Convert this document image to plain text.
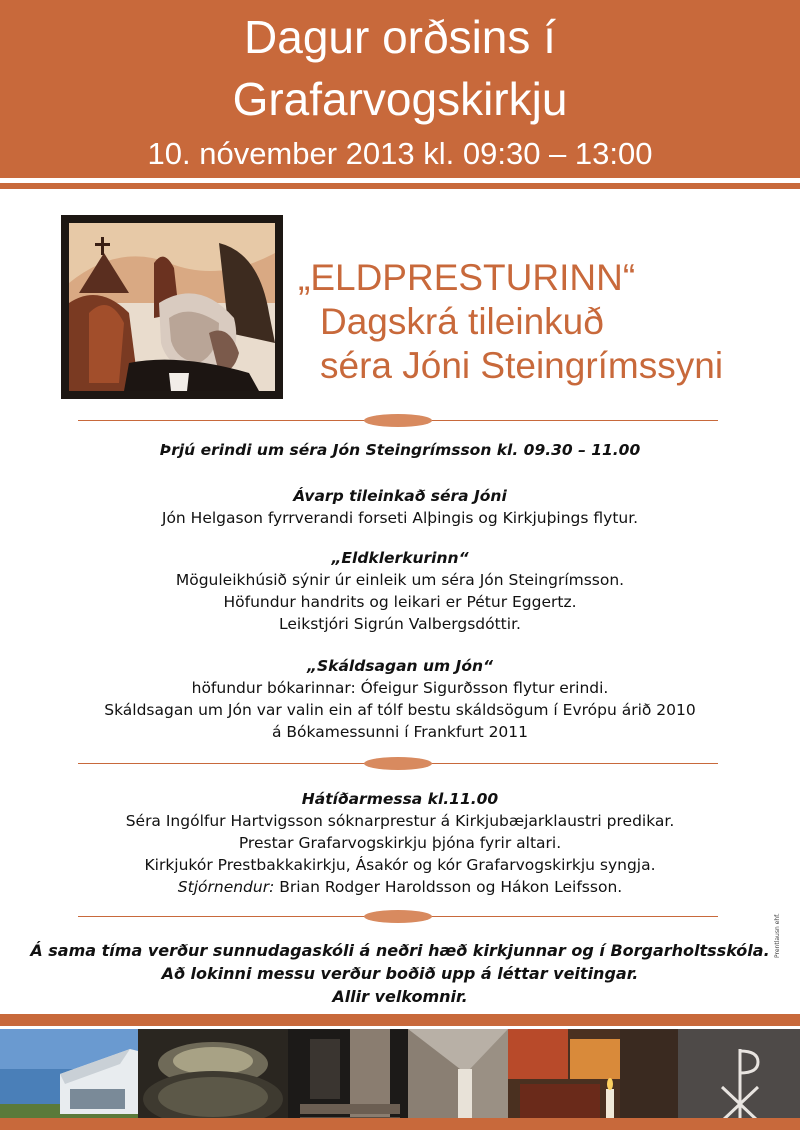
Dagur orðsins í
Grafarvogskirkju
10. nóvember 2013 kl. 09:30 – 13:00
„ELDPRESTURINN“
Dagskrá tileinkuð
séra Jóni Steingrímssyni
Þrjú erindi um séra Jón Steingrímsson kl. 09.30 – 11.00
Ávarp tileinkað séra Jóni
Jón Helgason fyrrverandi forseti Alþingis og Kirkjuþings flytur.
„Eldklerkurinn“
Möguleikhúsið sýnir úr einleik um séra Jón Steingrímsson.
Höfundur handrits og leikari er Pétur Eggertz.
Leikstjóri Sigrún Valbergsdóttir.
„Skáldsagan um Jón“
höfundur bókarinnar: Ófeigur Sigurðsson flytur erindi.
Skáldsagan um Jón var valin ein af tólf bestu skáldsögum í Evrópu árið 2010
á Bókamessunni í Frankfurt 2011
Hátíðarmessa kl.11.00
Séra Ingólfur Hartvigsson sóknarprestur á Kirkjubæjarklaustri predikar.
Prestar Grafarvogskirkju þjóna fyrir altari.
Kirkjukór Prestbakkakirkju, Ásakór og kór Grafarvogskirkju syngja.
Stjórnendur: Brian Rodger Haroldsson og Hákon Leifsson.
Á sama tíma verður sunnudagaskóli á neðri hæð kirkjunnar og í Borgarholtsskóla.
Að lokinni messu verður boðið upp á léttar veitingar.
Allir velkomnir.
Prentlausn ehf.
